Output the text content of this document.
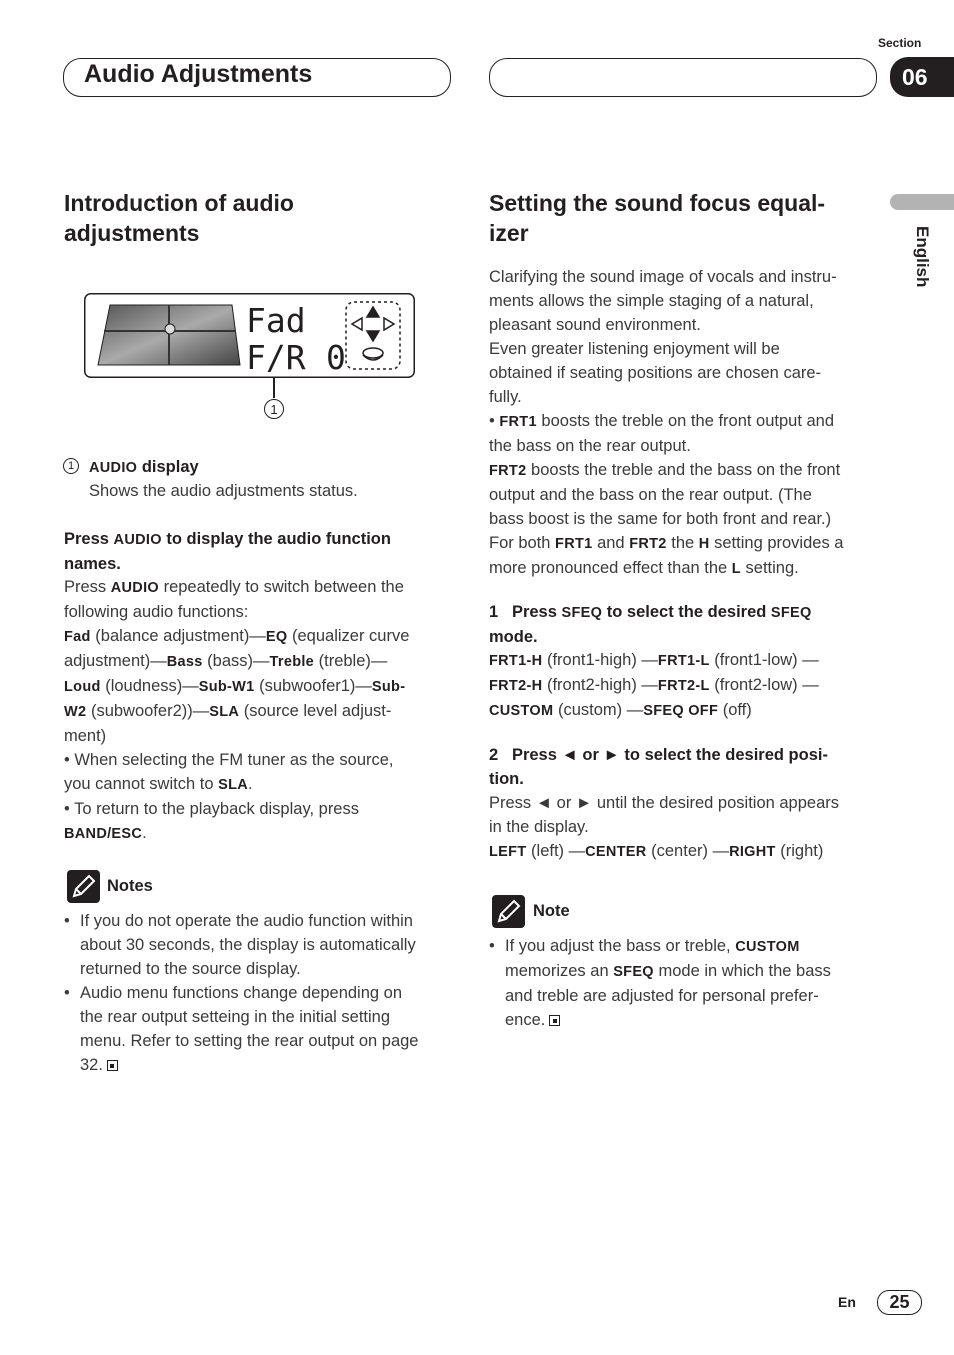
Audio Adjustments
Section
06
English
Introduction of audio
adjustments
Fad
F/R 0
1
1 AUDIO display
Shows the audio adjustments status.
Press AUDIO to display the audio function
names.
Press AUDIO repeatedly to switch between the
following audio functions:
Fad (balance adjustment)—EQ (equalizer curve
adjustment)—Bass (bass)—Treble (treble)—
Loud (loudness)—Sub-W1 (subwoofer1)—Sub-
W2 (subwoofer2))—SLA (source level adjust-
ment)
• When selecting the FM tuner as the source,
you cannot switch to SLA.
• To return to the playback display, press
BAND/ESC.
Notes
• If you do not operate the audio function within
about 30 seconds, the display is automatically
returned to the source display.
• Audio menu functions change depending on
the rear output setteing in the initial setting
menu. Refer to setting the rear output on page
32.
Setting the sound focus equal-
izer
Clarifying the sound image of vocals and instru-
ments allows the simple staging of a natural,
pleasant sound environment.
Even greater listening enjoyment will be
obtained if seating positions are chosen care-
fully.
• FRT1 boosts the treble on the front output and
the bass on the rear output.
FRT2 boosts the treble and the bass on the front
output and the bass on the rear output. (The
bass boost is the same for both front and rear.)
For both FRT1 and FRT2 the H setting provides a
more pronounced effect than the L setting.
1 Press SFEQ to select the desired SFEQ
mode.
FRT1-H (front1-high) —FRT1-L (front1-low) —
FRT2-H (front2-high) —FRT2-L (front2-low) —
CUSTOM (custom) —SFEQ OFF (off)
2 Press ◄ or ► to select the desired posi-
tion.
Press ◄ or ► until the desired position appears
in the display.
LEFT (left) —CENTER (center) —RIGHT (right)
Note
• If you adjust the bass or treble, CUSTOM
memorizes an SFEQ mode in which the bass
and treble are adjusted for personal prefer-
ence.
En 25
